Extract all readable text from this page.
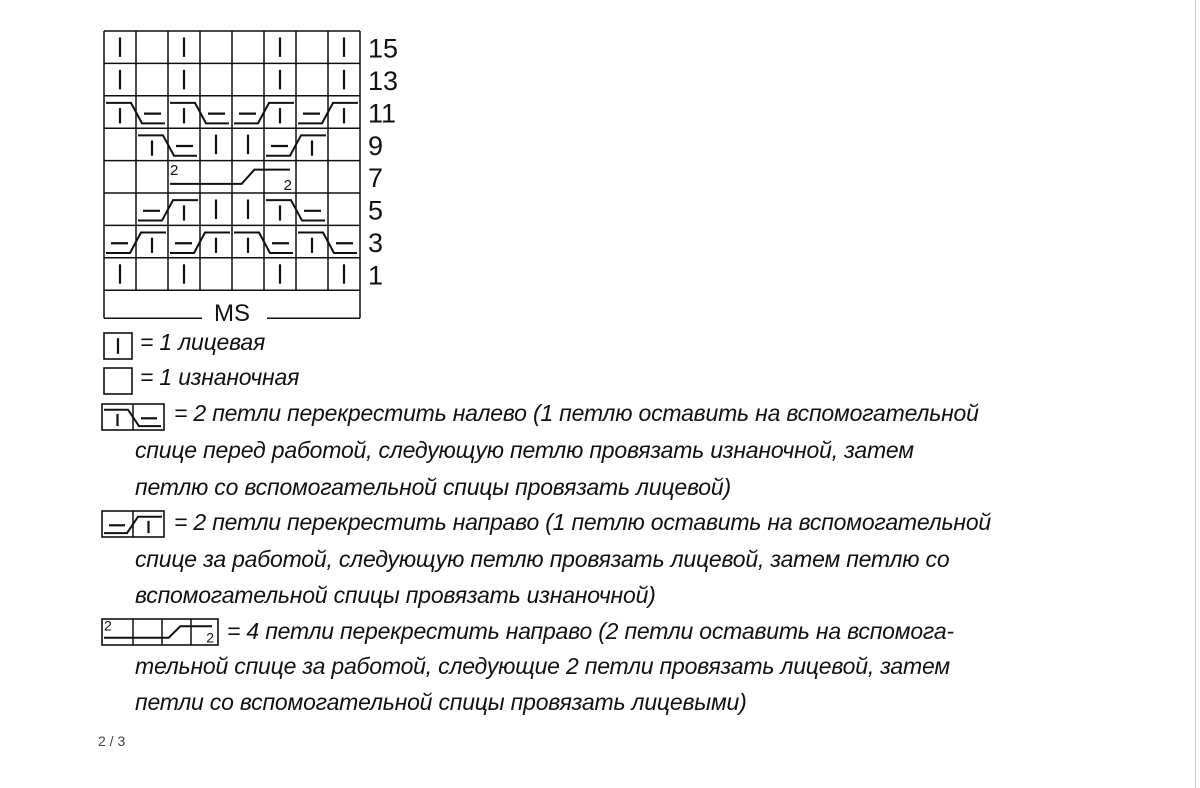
MS
15
13
11
9
2
2	7
5
3
1
= 1 лицевая
= 1 изнаночная
= 2 петли перекрестить налево (1 петлю оставить на вспомогательной
спице перед работой, следующую петлю провязать изнаночной, затем
петлю со вспомогательной спицы провязать лицевой)
= 2 петли перекрестить направо (1 петлю оставить на вспомогательной
спице за работой, следующую петлю провязать лицевой, затем петлю со
вспомогательной спицы провязать изнаночной)
2
2 = 4 петли перекрестить направо (2 петли оставить на вспомога-
тельной спице за работой, следующие 2 петли провязать лицевой, затем
петли со вспомогательной спицы провязать лицевыми)
2 / 3
